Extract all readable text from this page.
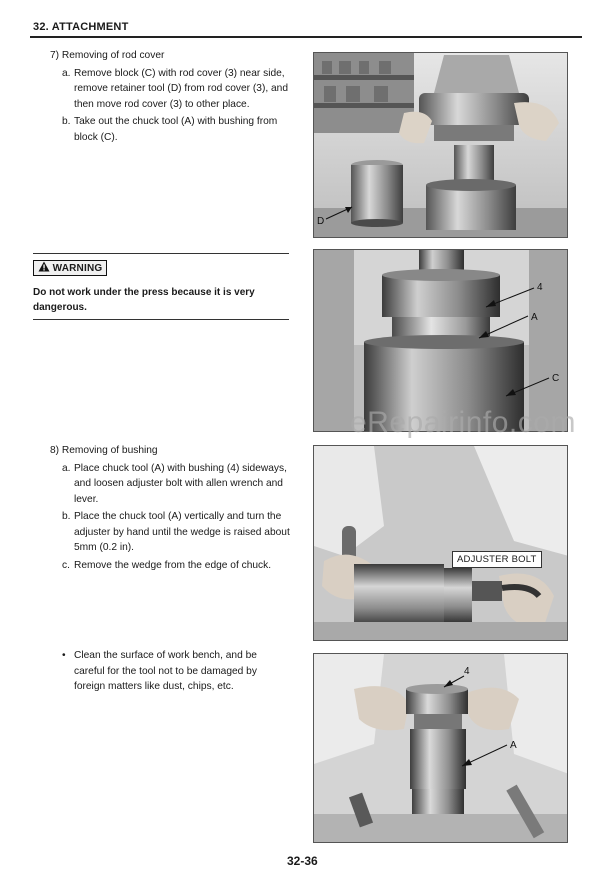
32. ATTACHMENT
7) Removing of rod cover
a. Remove block (C) with rod cover (3) near side, remove retainer tool (D) from rod cover (3), and then move rod cover (3) to other place.
b. Take out the chuck tool (A) with bushing from block (C).
WARNING
Do not work under the press because it is very dangerous.
8) Removing of bushing
a. Place chuck tool (A) with bushing (4) sideways, and loosen adjuster bolt with allen wrench and lever.
b. Place the chuck tool (A) vertically and turn the adjuster by hand until the wedge is raised about 5mm (0.2 in).
c. Remove the wedge from the edge of chuck.
• Clean the surface of work bench, and be careful for the tool not to be damaged by foreign matters like dust, chips, etc.
D
4
A
C
eRepairinfo.com
ADJUSTER BOLT
4
A
32-36
